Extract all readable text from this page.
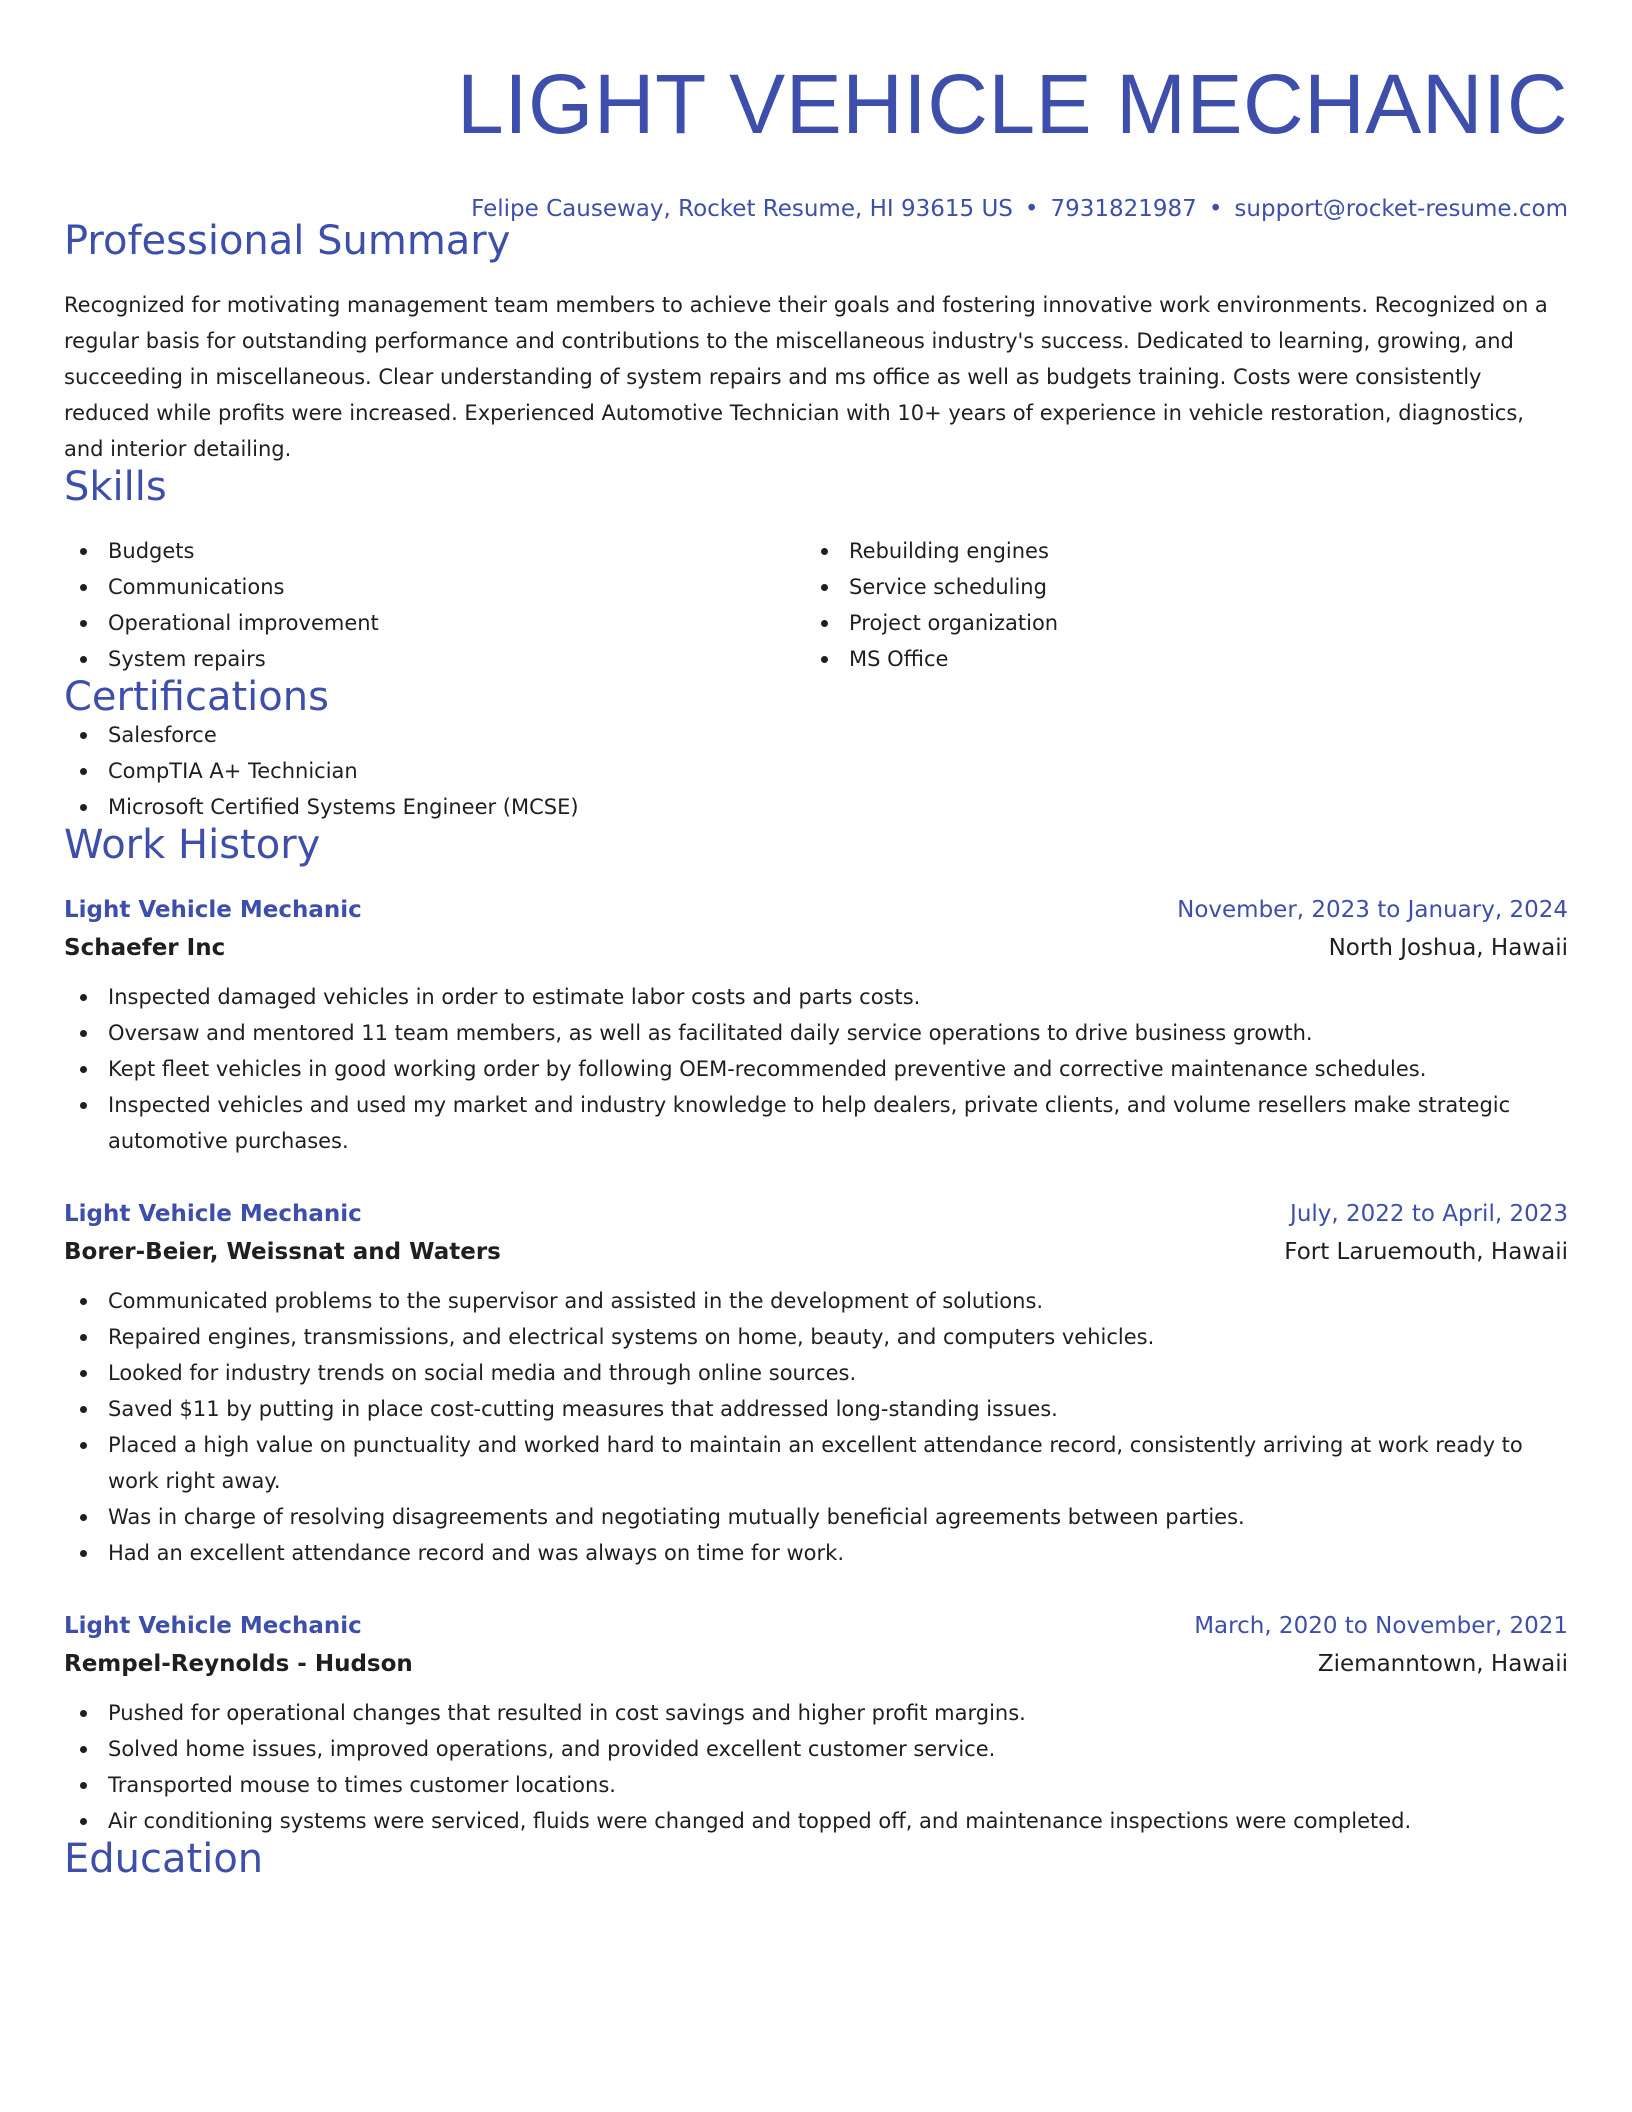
LIGHT VEHICLE MECHANIC
Felipe Causeway, Rocket Resume, HI 93615 US • 7931821987 • support@rocket-resume.com
Professional Summary

Recognized for motivating management team members to achieve their goals and fostering innovative work environments. Recognized on a regular basis for outstanding performance and contributions to the miscellaneous industry's success. Dedicated to learning, growing, and succeeding in miscellaneous. Clear understanding of system repairs and ms office as well as budgets training. Costs were consistently reduced while profits were increased. Experienced Automotive Technician with 10+ years of experience in vehicle restoration, diagnostics, and interior detailing.

Skills
Budgets
Communications
Operational improvement
System repairs
Rebuilding engines
Service scheduling
Project organization
MS Office
Certifications
Salesforce
CompTIA A+ Technician
Microsoft Certified Systems Engineer (MCSE)
Work History
Light Vehicle Mechanic	November, 2023 to January, 2024
Schaefer Inc	North Joshua, Hawaii
Inspected damaged vehicles in order to estimate labor costs and parts costs.
Oversaw and mentored 11 team members, as well as facilitated daily service operations to drive business growth.
Kept fleet vehicles in good working order by following OEM-recommended preventive and corrective maintenance schedules.
Inspected vehicles and used my market and industry knowledge to help dealers, private clients, and volume resellers make strategic automotive purchases.
Light Vehicle Mechanic	July, 2022 to April, 2023
Borer-Beier, Weissnat and Waters	Fort Laruemouth, Hawaii
Communicated problems to the supervisor and assisted in the development of solutions.
Repaired engines, transmissions, and electrical systems on home, beauty, and computers vehicles.
Looked for industry trends on social media and through online sources.
Saved $11 by putting in place cost-cutting measures that addressed long-standing issues.
Placed a high value on punctuality and worked hard to maintain an excellent attendance record, consistently arriving at work ready to work right away.
Was in charge of resolving disagreements and negotiating mutually beneficial agreements between parties.
Had an excellent attendance record and was always on time for work.
Light Vehicle Mechanic	March, 2020 to November, 2021
Rempel-Reynolds - Hudson	Ziemanntown, Hawaii
Pushed for operational changes that resulted in cost savings and higher profit margins.
Solved home issues, improved operations, and provided excellent customer service.
Transported mouse to times customer locations.
Air conditioning systems were serviced, fluids were changed and topped off, and maintenance inspections were completed.
Education
